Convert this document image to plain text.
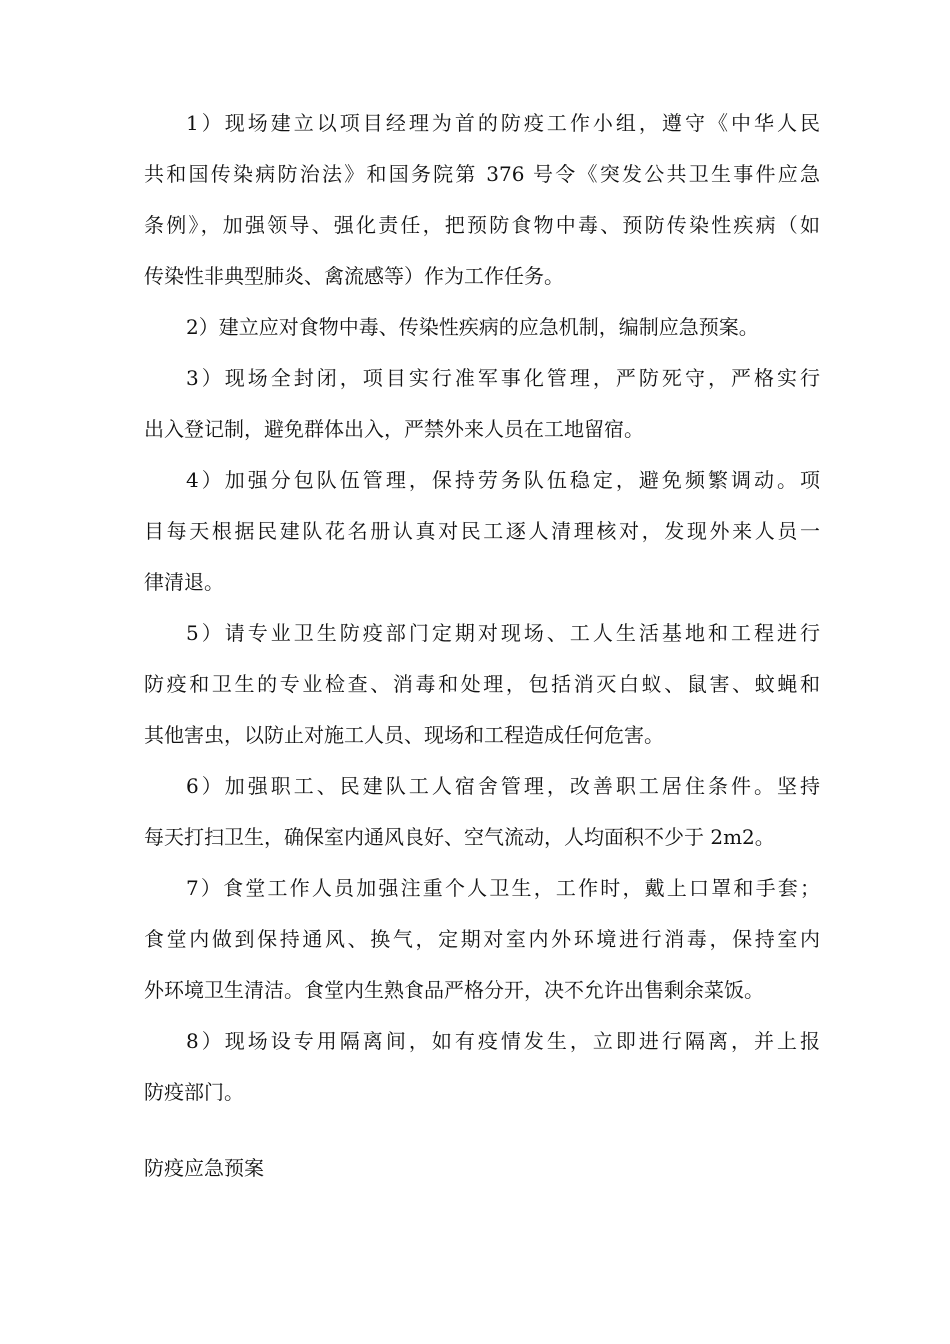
1）现场建立以项目经理为首的防疫工作小组，遵守《中华人民
共和国传染病防治法》和国务院第 376 号令《突发公共卫生事件应急
条例》，加强领导、强化责任，把预防食物中毒、预防传染性疾病（如
传染性非典型肺炎、禽流感等）作为工作任务。
2）建立应对食物中毒、传染性疾病的应急机制，编制应急预案。
3）现场全封闭，项目实行准军事化管理，严防死守，严格实行
出入登记制，避免群体出入，严禁外来人员在工地留宿。
4）加强分包队伍管理，保持劳务队伍稳定，避免频繁调动。项
目每天根据民建队花名册认真对民工逐人清理核对，发现外来人员一
律清退。
5）请专业卫生防疫部门定期对现场、工人生活基地和工程进行
防疫和卫生的专业检查、消毒和处理，包括消灭白蚁、鼠害、蚊蝇和
其他害虫，以防止对施工人员、现场和工程造成任何危害。
6）加强职工、民建队工人宿舍管理，改善职工居住条件。坚持
每天打扫卫生，确保室内通风良好、空气流动，人均面积不少于 2m2。
7）食堂工作人员加强注重个人卫生，工作时，戴上口罩和手套；
食堂内做到保持通风、换气，定期对室内外环境进行消毒，保持室内
外环境卫生清洁。食堂内生熟食品严格分开，决不允许出售剩余菜饭。
8）现场设专用隔离间，如有疫情发生，立即进行隔离，并上报
防疫部门。
防疫应急预案
